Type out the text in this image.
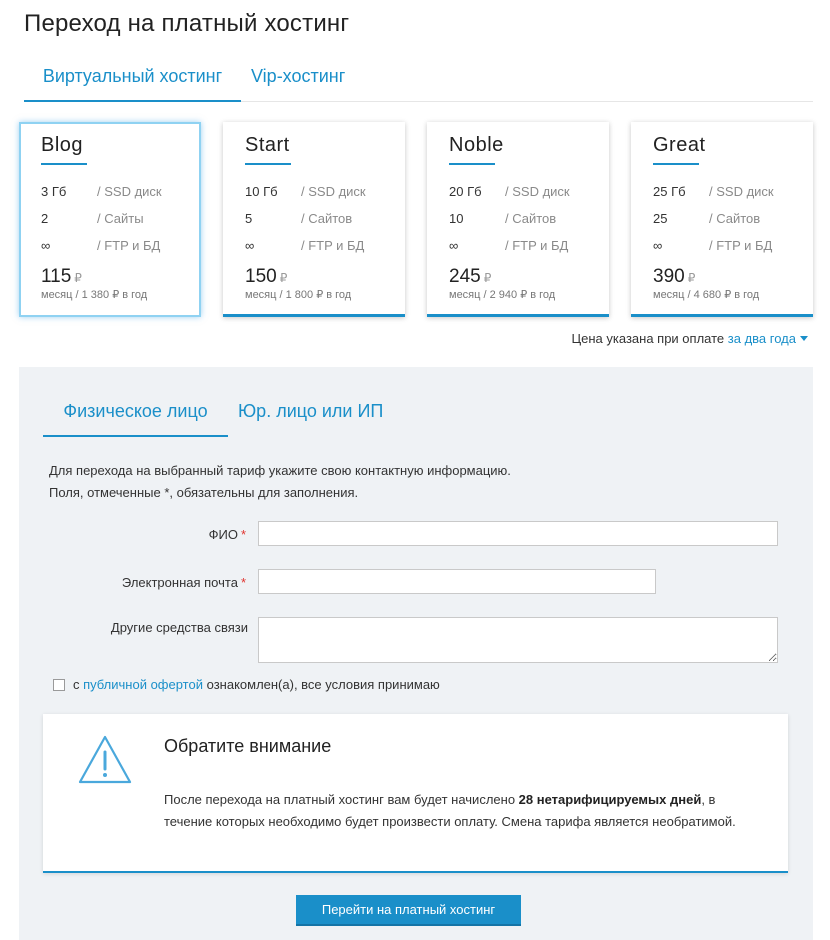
Переход на платный хостинг
Виртуальный хостинг	Vip-хостинг
Blog
3 Гб / SSD диск
2	/ Сайты
∞	/ FTP и БД
115 ₽
месяц / 1 380 ₽ в год
Start
10 Гб / SSD диск
5	/ Сайтов
∞	/ FTP и БД
150 ₽
месяц / 1 800 ₽ в год
Noble
20 Гб / SSD диск
10	/ Сайтов
∞	/ FTP и БД
245 ₽
месяц / 2 940 ₽ в год
Great
25 Гб / SSD диск
25	/ Сайтов
∞	/ FTP и БД
390 ₽
месяц / 4 680 ₽ в год
Цена указана при оплате за два года
Физическое лицо	Юр. лицо или ИП
Для перехода на выбранный тариф укажите свою контактную информацию.
Поля, отмеченные *, обязательны для заполнения.
ФИО *
Электронная почта *
Другие средства связи
с публичной офертой ознакомлен(а), все условия принимаю
Обратите внимание
После перехода на платный хостинг вам будет начислено 28 нетарифицируемых дней, в течение которых необходимо будет произвести оплату. Смена тарифа является необратимой.
Перейти на платный хостинг
